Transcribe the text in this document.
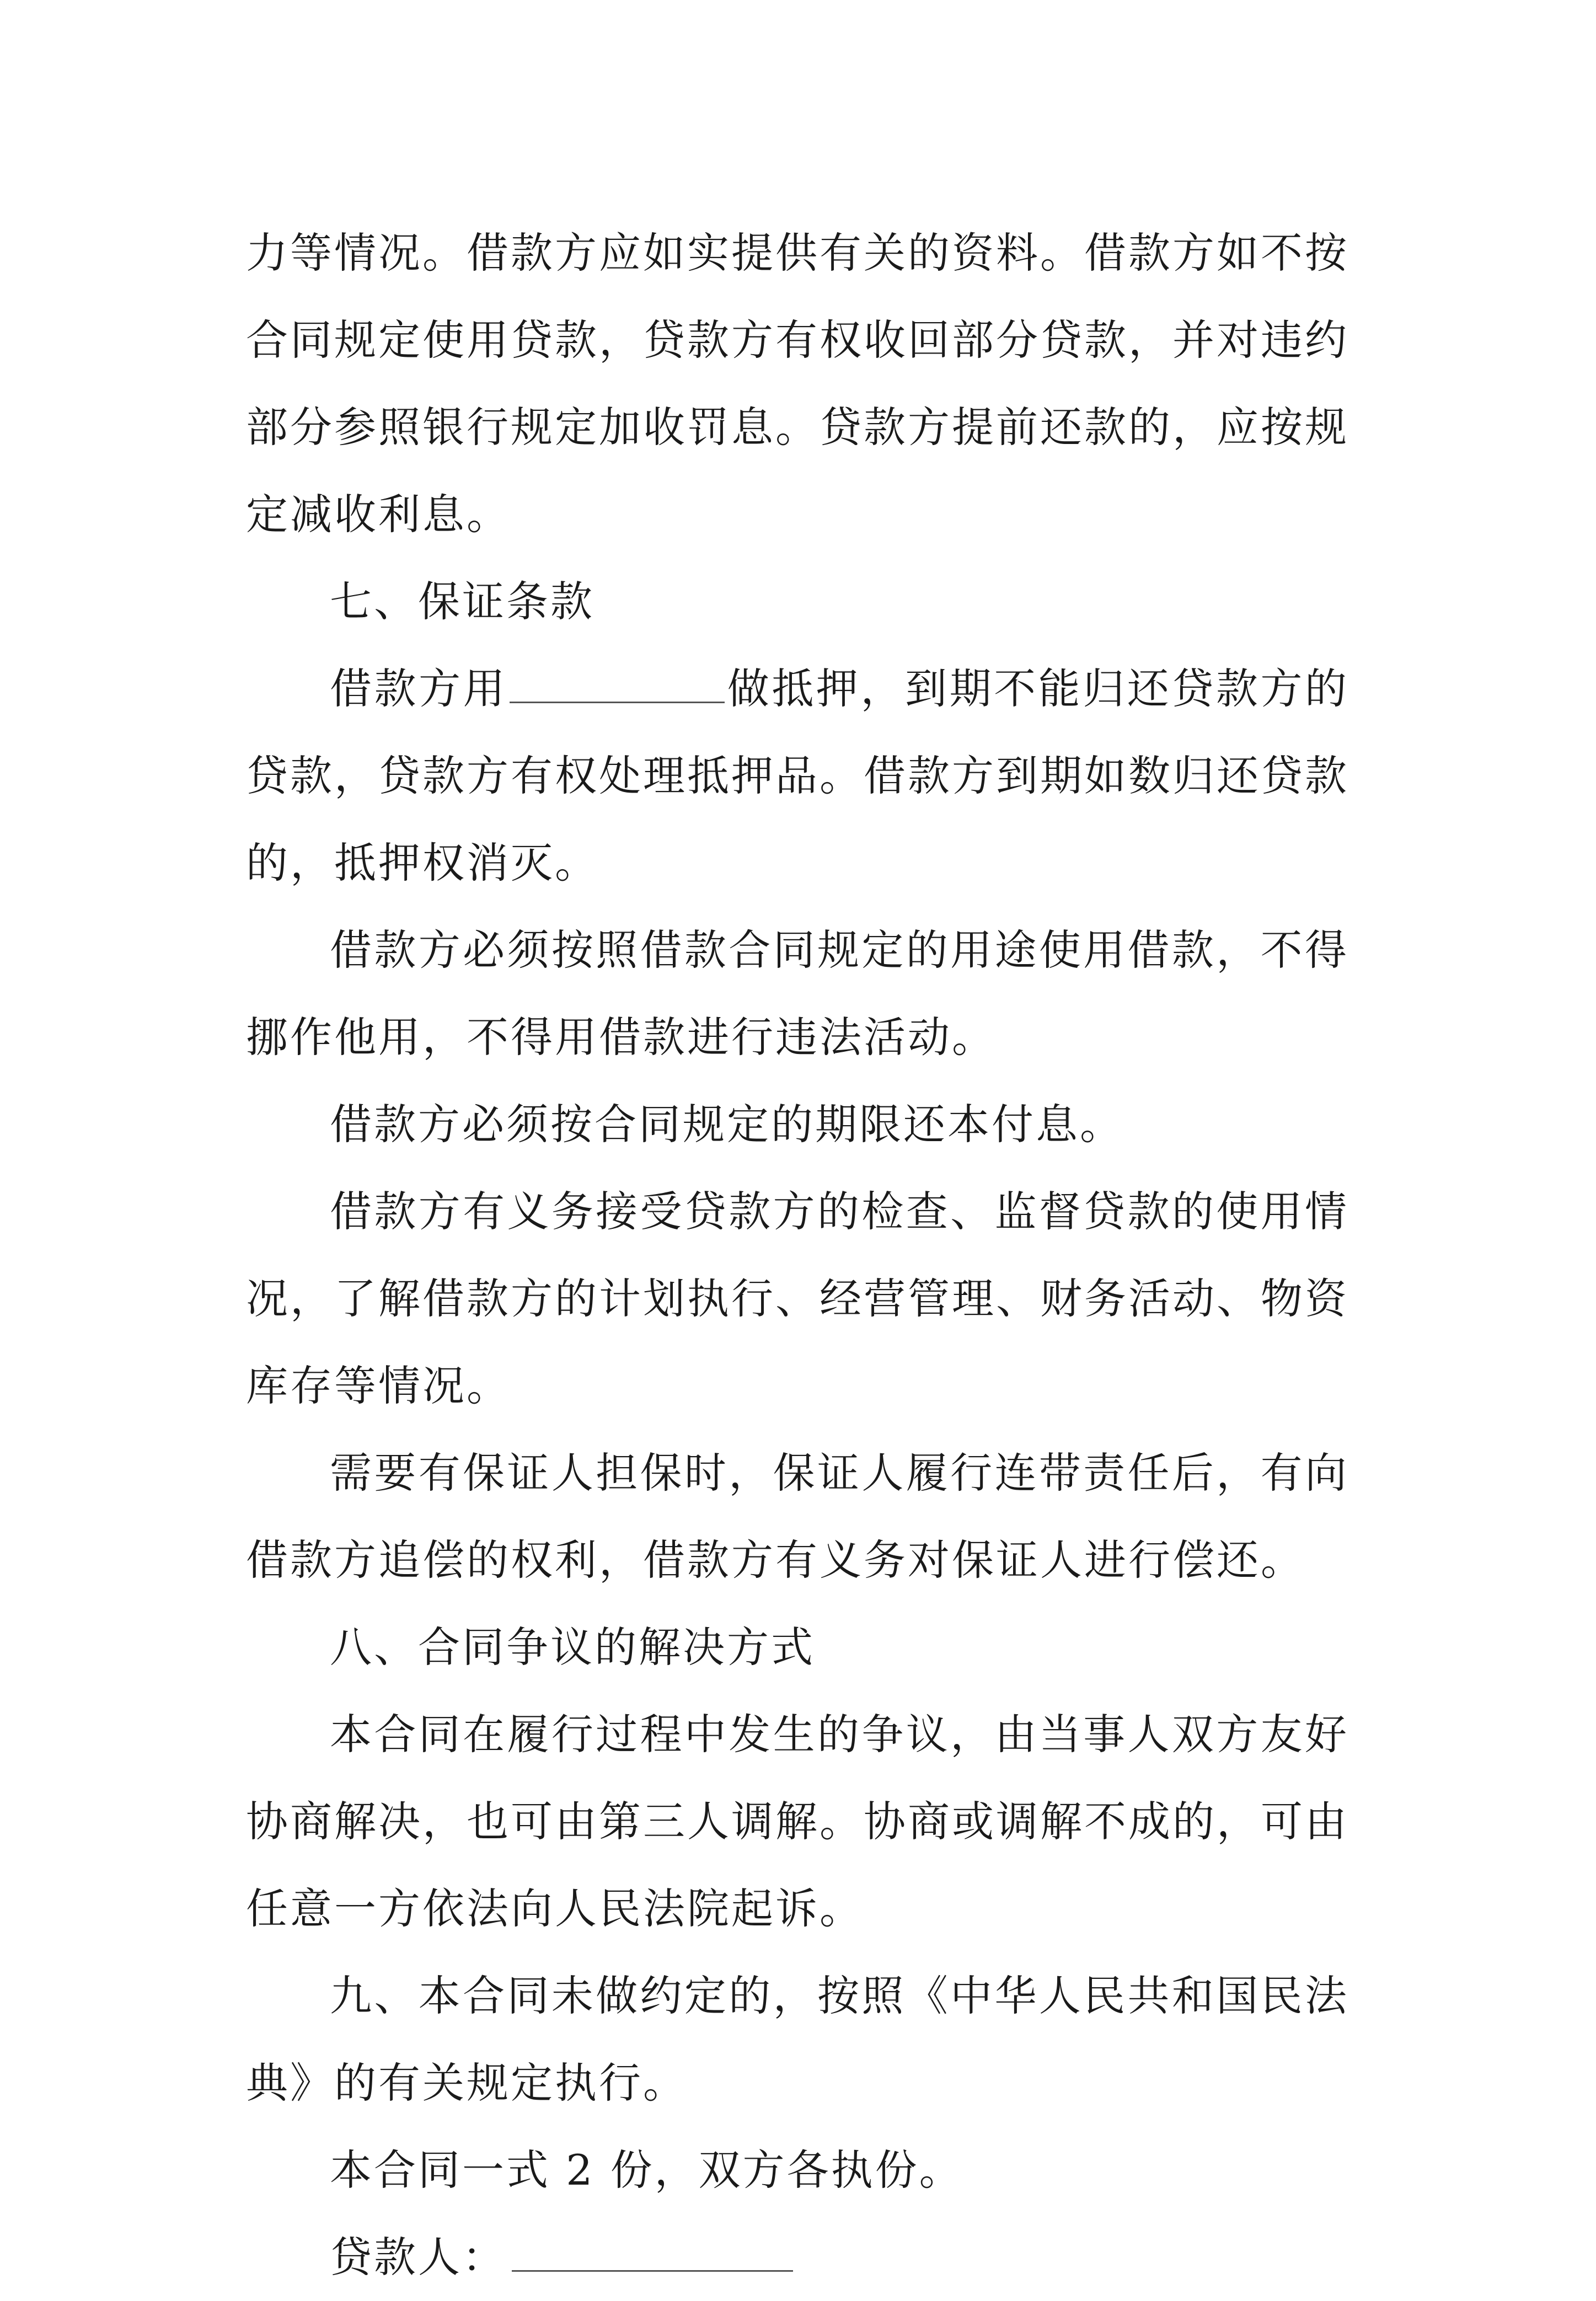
力等情况。借款方应如实提供有关的资料。借款方如不按合同规定使用贷款，贷款方有权收回部分贷款，并对违约部分参照银行规定加收罚息。贷款方提前还款的，应按规定减收利息。

七、保证条款

借款方用	做抵押，到期不能归还贷款方的贷款，贷款方有权处理抵押品。借款方到期如数归还贷款的，抵押权消灭。

借款方必须按照借款合同规定的用途使用借款，不得挪作他用，不得用借款进行违法活动。

借款方必须按合同规定的期限还本付息。

借款方有义务接受贷款方的检查、监督贷款的使用情况，了解借款方的计划执行、经营管理、财务活动、物资库存等情况。

需要有保证人担保时，保证人履行连带责任后，有向借款方追偿的权利，借款方有义务对保证人进行偿还。

八、合同争议的解决方式

本合同在履行过程中发生的争议，由当事人双方友好协商解决，也可由第三人调解。协商或调解不成的，可由任意一方依法向人民法院起诉。

九、本合同未做约定的，按照《中华人民共和国民法典》的有关规定执行。

本合同一式 2 份，双方各执份。

贷款人：
